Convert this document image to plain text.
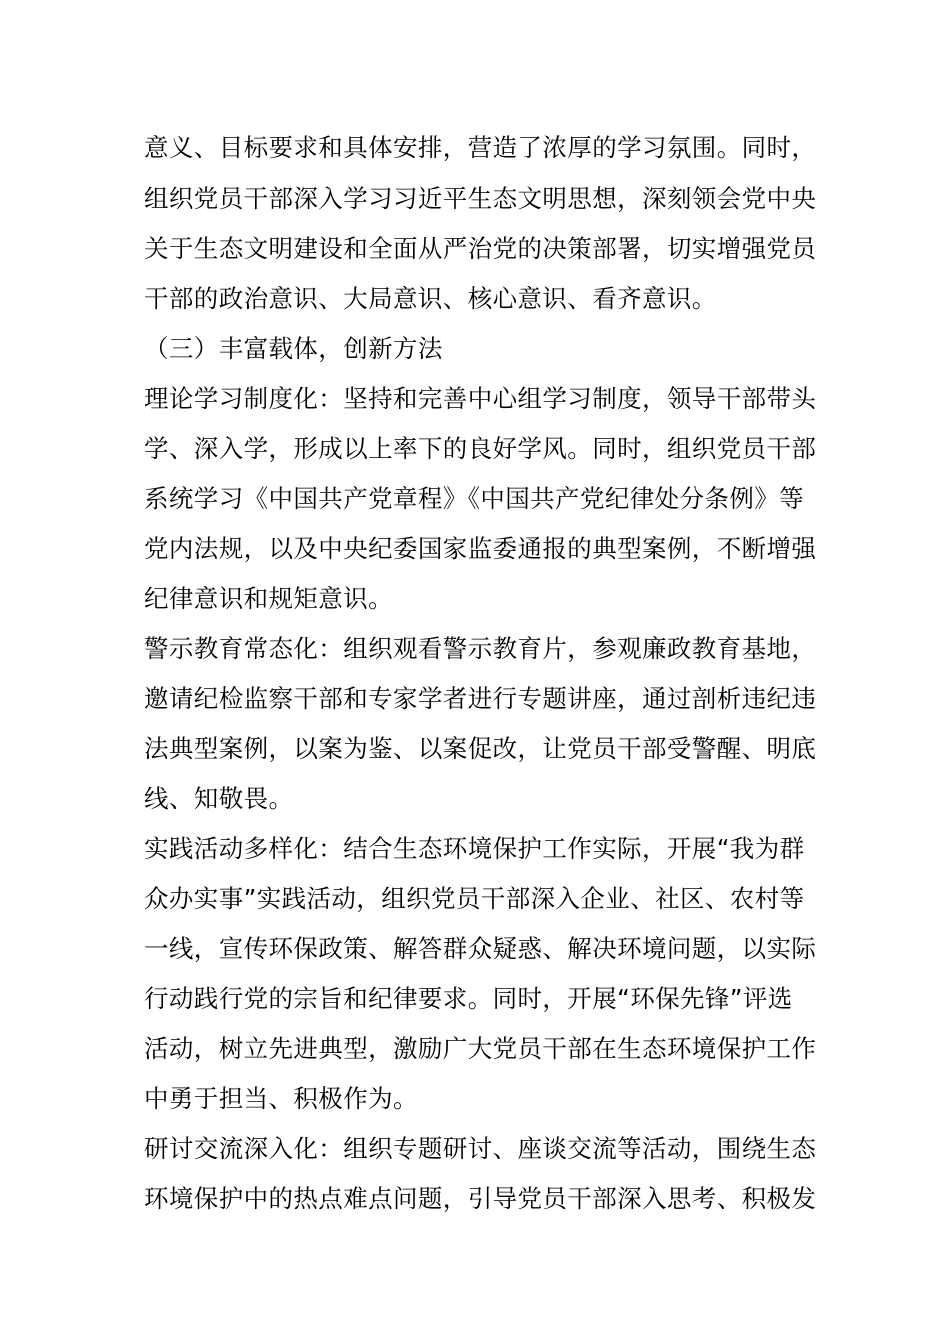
意义、目标要求和具体安排，营造了浓厚的学习氛围。同时，
组织党员干部深入学习习近平生态文明思想，深刻领会党中央
关于生态文明建设和全面从严治党的决策部署，切实增强党员
干部的政治意识、大局意识、核心意识、看齐意识。
（三）丰富载体，创新方法
理论学习制度化：坚持和完善中心组学习制度，领导干部带头
学、深入学，形成以上率下的良好学风。同时，组织党员干部
系统学习《中国共产党章程》《中国共产党纪律处分条例》等
党内法规，以及中央纪委国家监委通报的典型案例，不断增强
纪律意识和规矩意识。
警示教育常态化：组织观看警示教育片，参观廉政教育基地，
邀请纪检监察干部和专家学者进行专题讲座，通过剖析违纪违
法典型案例，以案为鉴、以案促改，让党员干部受警醒、明底
线、知敬畏。
实践活动多样化：结合生态环境保护工作实际，开展“我为群
众办实事”实践活动，组织党员干部深入企业、社区、农村等
一线，宣传环保政策、解答群众疑惑、解决环境问题，以实际
行动践行党的宗旨和纪律要求。同时，开展“环保先锋”评选
活动，树立先进典型，激励广大党员干部在生态环境保护工作
中勇于担当、积极作为。
研讨交流深入化：组织专题研讨、座谈交流等活动，围绕生态
环境保护中的热点难点问题，引导党员干部深入思考、积极发
